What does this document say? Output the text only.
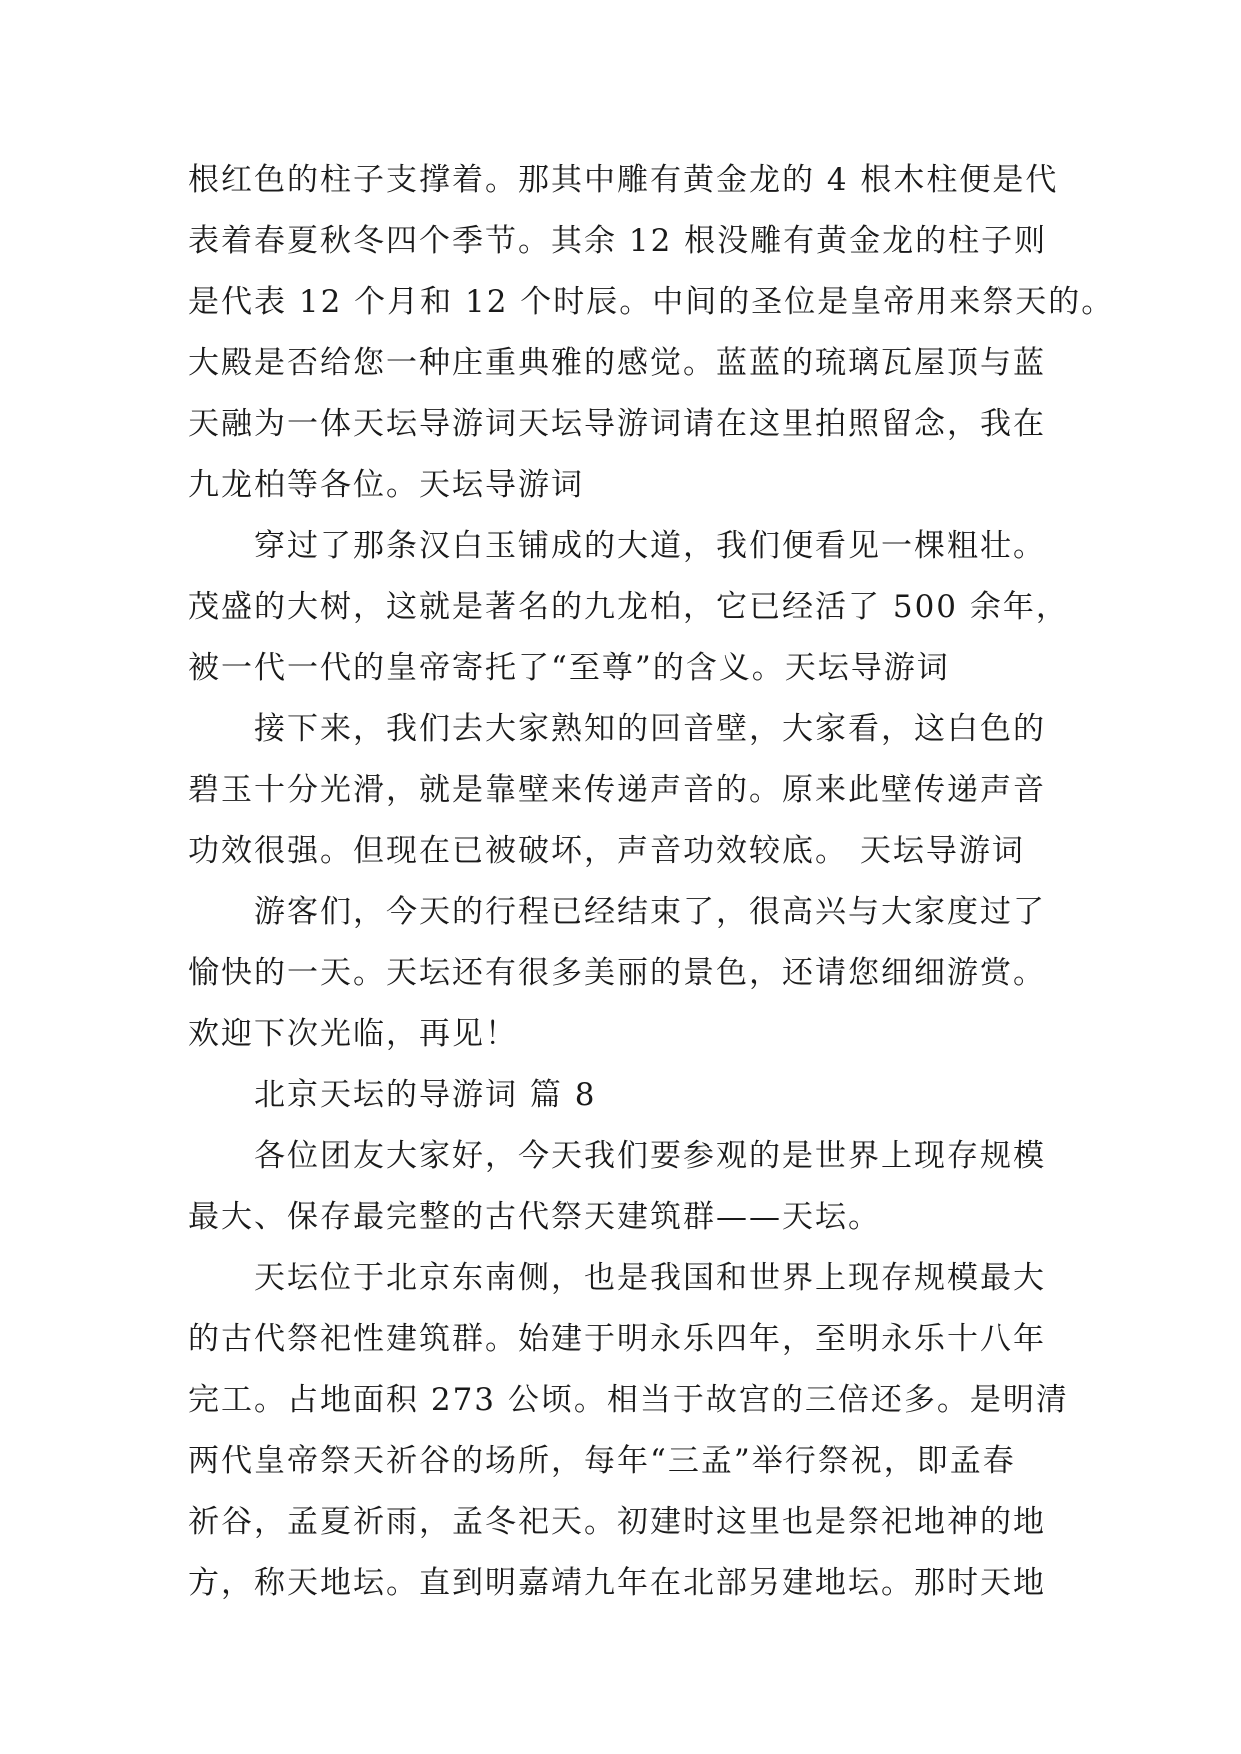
根红色的柱子支撑着。那其中雕有黄金龙的 4 根木柱便是代
表着春夏秋冬四个季节。其余 12 根没雕有黄金龙的柱子则
是代表 12 个月和 12 个时辰。中间的圣位是皇帝用来祭天的。
大殿是否给您一种庄重典雅的感觉。蓝蓝的琉璃瓦屋顶与蓝
天融为一体天坛导游词天坛导游词请在这里拍照留念，我在
九龙柏等各位。天坛导游词
　　穿过了那条汉白玉铺成的大道，我们便看见一棵粗壮。
茂盛的大树，这就是著名的九龙柏，它已经活了 500 余年，
被一代一代的皇帝寄托了“至尊”的含义。天坛导游词
　　接下来，我们去大家熟知的回音壁，大家看，这白色的
碧玉十分光滑，就是靠壁来传递声音的。原来此壁传递声音
功效很强。但现在已被破坏，声音功效较底。 天坛导游词
　　游客们，今天的行程已经结束了，很高兴与大家度过了
愉快的一天。天坛还有很多美丽的景色，还请您细细游赏。
欢迎下次光临，再见！
　　北京天坛的导游词 篇 8
　　各位团友大家好，今天我们要参观的是世界上现存规模
最大、保存最完整的古代祭天建筑群——天坛。
　　天坛位于北京东南侧，也是我国和世界上现存规模最大
的古代祭祀性建筑群。始建于明永乐四年，至明永乐十八年
完工。占地面积 273 公顷。相当于故宫的三倍还多。是明清
两代皇帝祭天祈谷的场所，每年“三孟”举行祭祝，即孟春
祈谷，孟夏祈雨，孟冬祀天。初建时这里也是祭祀地神的地
方，称天地坛。直到明嘉靖九年在北部另建地坛。那时天地
